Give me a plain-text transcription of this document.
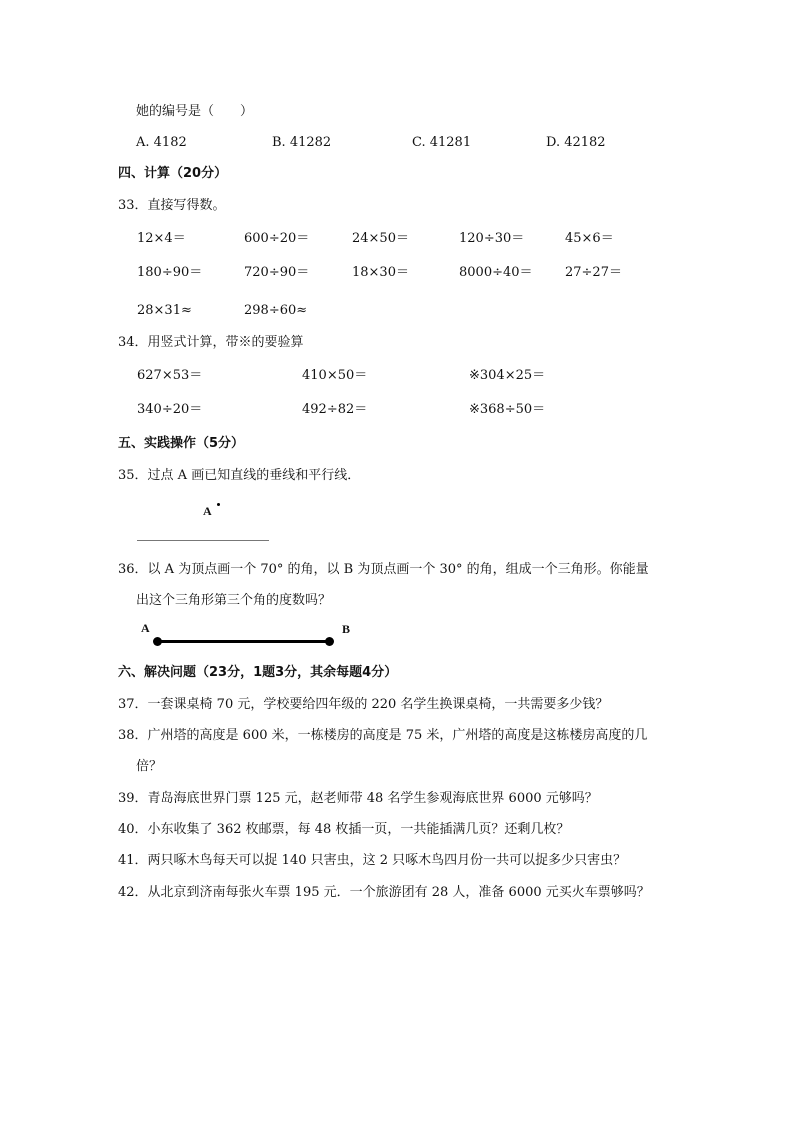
她的编号是（　　）
A. 4182	B. 41282	C. 41281	D. 42182
四、计算（20分）
33．直接写得数。
12×4＝	600÷20＝	24×50＝	120÷30＝	45×6＝
180÷90＝	720÷90＝	18×30＝	8000÷40＝ 27÷27＝
28×31≈	298÷60≈
34．用竖式计算，带※的要验算
627×53＝	410×50＝	※304×25＝
340÷20＝	492÷82＝	※368÷50＝
五、实践操作（5分）
35．过点 A 画已知直线的垂线和平行线．
A
36．以 A 为顶点画一个 70° 的角，以 B 为顶点画一个 30° 的角，组成一个三角形。你能量
出这个三角形第三个角的度数吗？
A	B
六、解决问题（23分，1题3分，其余每题4分）
37．一套课桌椅 70 元，学校要给四年级的 220 名学生换课桌椅，一共需要多少钱？
38．广州塔的高度是 600 米，一栋楼房的高度是 75 米，广州塔的高度是这栋楼房高度的几
倍？
39．青岛海底世界门票 125 元，赵老师带 48 名学生参观海底世界 6000 元够吗？
40．小东收集了 362 枚邮票，每 48 枚插一页，一共能插满几页？还剩几枚？
41．两只啄木鸟每天可以捉 140 只害虫，这 2 只啄木鸟四月份一共可以捉多少只害虫？
42．从北京到济南每张火车票 195 元．一个旅游团有 28 人，准备 6000 元买火车票够吗？
